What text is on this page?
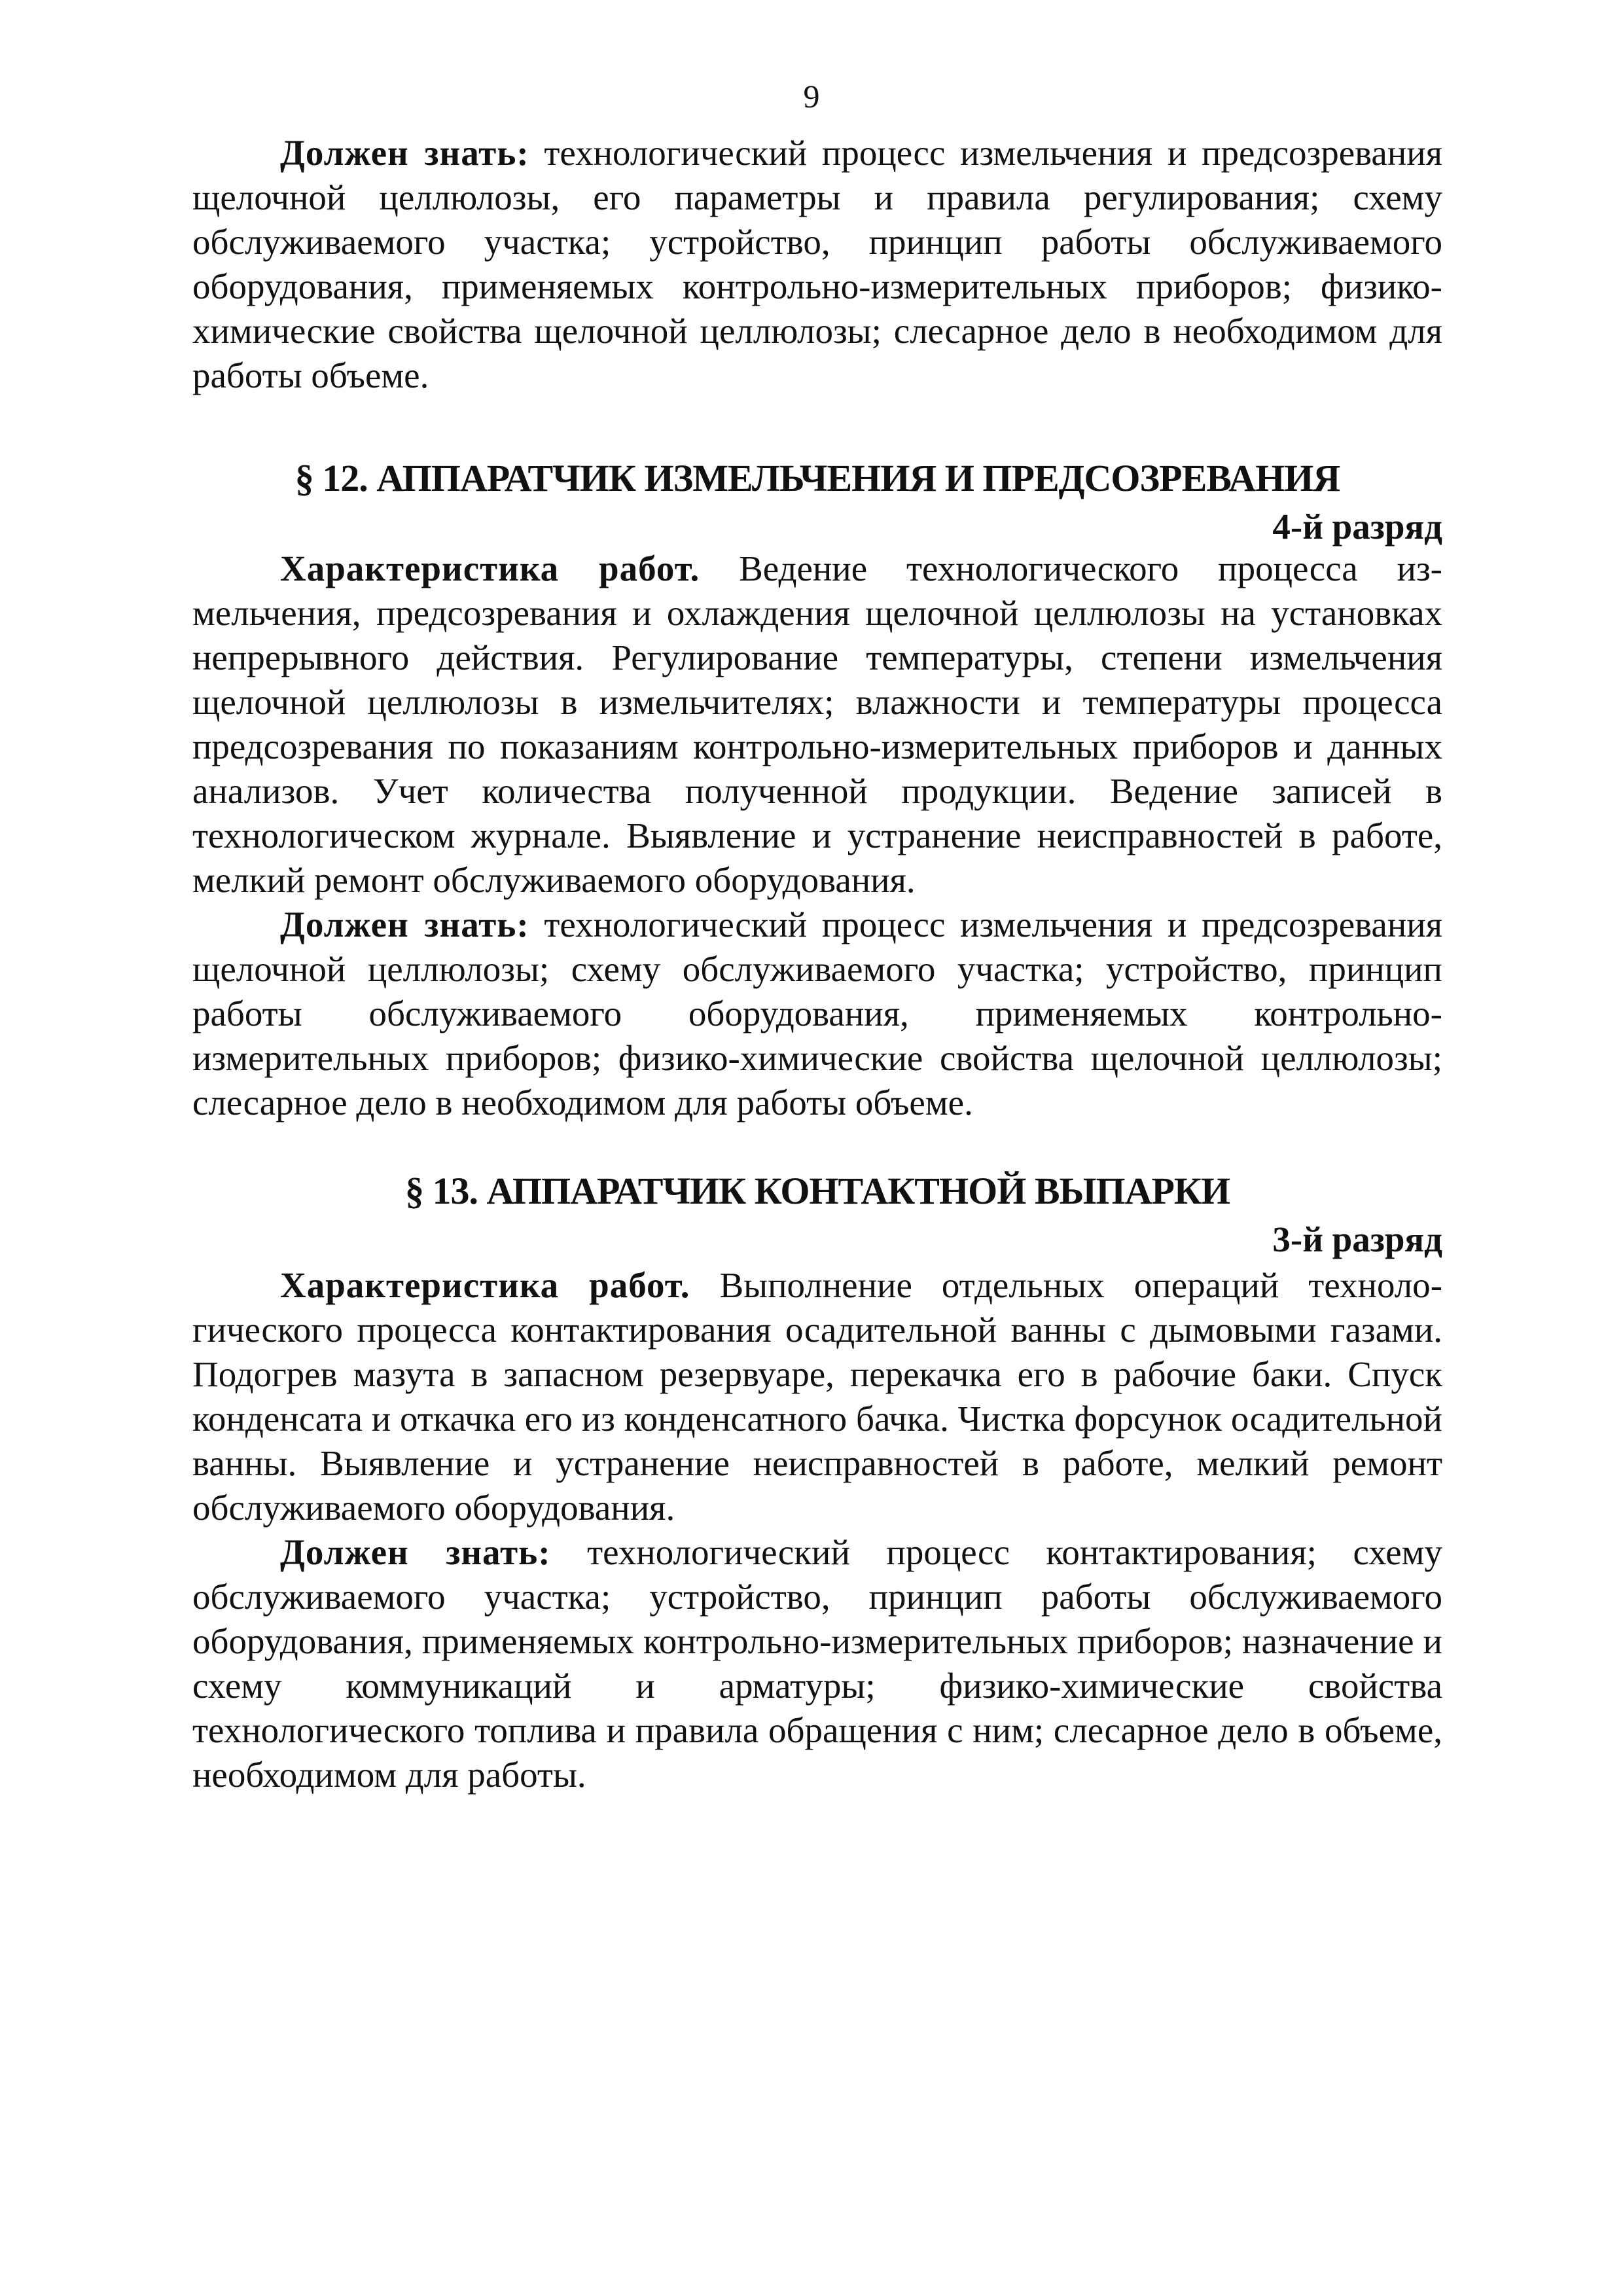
9

Должен знать: технологический процесс измельчения и предсозревания щелочной целлюлозы, его параметры и правила регулирования; схему обслуживаемого участка; устройство, принцип работы обслуживаемого оборудования, применяемых контрольно-измерительных приборов; физико-химические свойства щелочной целлюлозы; слесарное дело в необходимом для работы объеме.

§ 12. АППАРАТЧИК ИЗМЕЛЬЧЕНИЯ И ПРЕДСОЗРЕВАНИЯ
4-й разряд

Характеристика работ. Ведение технологического процесса измельчения, предсозревания и охлаждения щелочной целлюлозы на установках непрерывного действия. Регулирование температуры, степени измельчения щелочной целлюлозы в измельчителях; влажности и температуры процесса предсозревания по показаниям контрольно-измерительных приборов и данных анализов. Учет количества полученной продукции. Ведение записей в технологическом журнале. Выявление и устранение неисправностей в работе, мелкий ремонт обслуживаемого оборудования.

Должен знать: технологический процесс измельчения и предсозревания щелочной целлюлозы; схему обслуживаемого участка; устройство, принцип работы обслуживаемого оборудования, применяемых контрольно-измерительных приборов; физико-химические свойства щелочной целлюлозы; слесарное дело в необходимом для работы объеме.

§ 13. АППАРАТЧИК КОНТАКТНОЙ ВЫПАРКИ
3-й разряд

Характеристика работ. Выполнение отдельных операций технологического процесса контактирования осадительной ванны с дымовыми газами. Подогрев мазута в запасном резервуаре, перекачка его в рабочие баки. Спуск конденсата и откачка его из конденсатного бачка. Чистка форсунок осадительной ванны. Выявление и устранение неисправностей в работе, мелкий ремонт обслуживаемого оборудования.

Должен знать: технологический процесс контактирования; схему обслуживаемого участка; устройство, принцип работы обслуживаемого оборудования, применяемых контрольно-измерительных приборов; назначение и схему коммуникаций и арматуры; физико-химические свойства технологического топлива и правила обращения с ним; слесарное дело в объеме, необходимом для работы.
